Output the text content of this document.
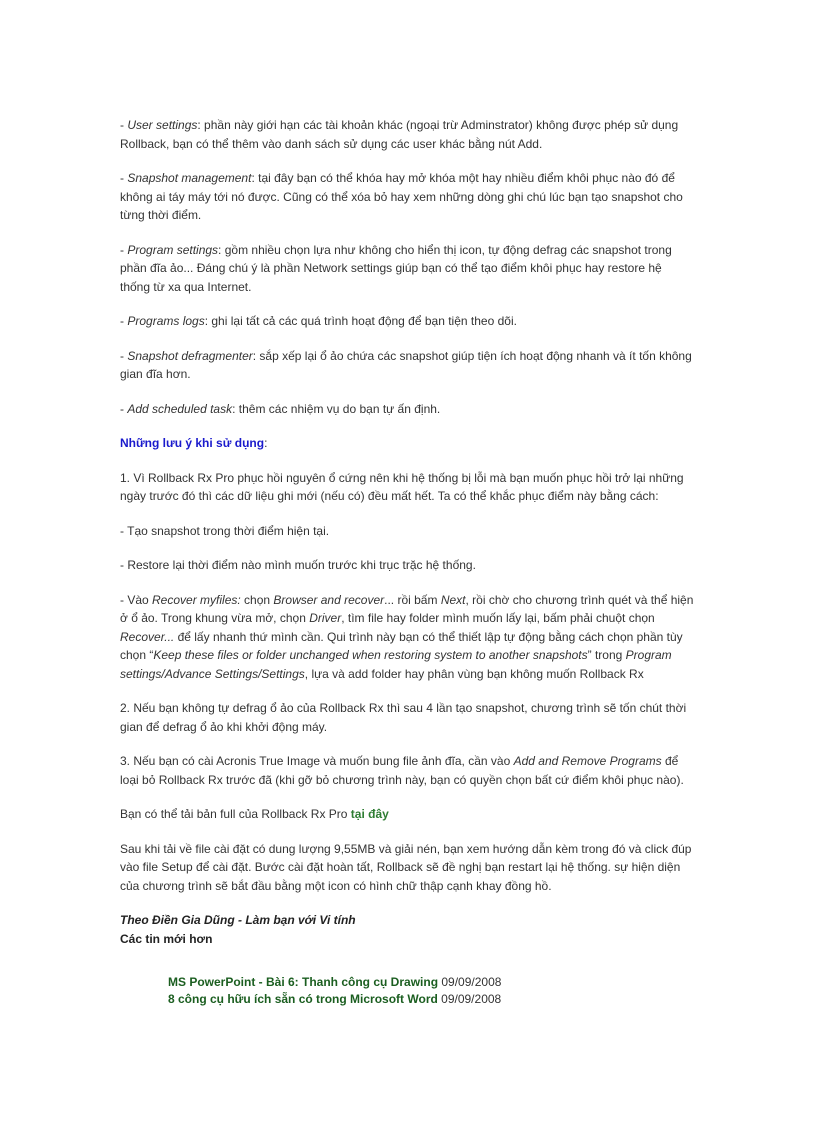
- User settings: phần này giới hạn các tài khoản khác (ngoại trừ Adminstrator) không được phép sử dụng Rollback, bạn có thể thêm vào danh sách sử dụng các user khác bằng nút Add.

- Snapshot management: tại đây bạn có thể khóa hay mở khóa một hay nhiều điểm khôi phục nào đó để không ai táy máy tới nó được. Cũng có thể xóa bỏ hay xem những dòng ghi chú lúc bạn tạo snapshot cho từng thời điểm.

- Program settings: gồm nhiều chọn lựa như không cho hiển thị icon, tự động defrag các snapshot trong phần đĩa ảo... Đáng chú ý là phần Network settings giúp bạn có thể tạo điểm khôi phục hay restore hệ thống từ xa qua Internet.

- Programs logs: ghi lại tất cả các quá trình hoạt động để bạn tiện theo dõi.

- Snapshot defragmenter: sắp xếp lại ổ ảo chứa các snapshot giúp tiện ích hoạt động nhanh và ít tốn không gian đĩa hơn.

- Add scheduled task: thêm các nhiệm vụ do bạn tự ấn định.

Những lưu ý khi sử dụng:

1. Vì Rollback Rx Pro phục hồi nguyên ổ cứng nên khi hệ thống bị lỗi mà bạn muốn phục hồi trở lại những ngày trước đó thì các dữ liệu ghi mới (nếu có) đều mất hết. Ta có thể khắc phục điểm này bằng cách:

- Tạo snapshot trong thời điểm hiện tại.

- Restore lại thời điểm nào mình muốn trước khi trục trặc hệ thống.

- Vào Recover myfiles: chọn Browser and recover... rồi bấm Next, rồi chờ cho chương trình quét và thể hiện ở ổ ảo. Trong khung vừa mở, chọn Driver, tìm file hay folder mình muốn lấy lại, bấm phải chuột chọn Recover... để lấy nhanh thứ mình cần. Qui trình này bạn có thể thiết lập tự động bằng cách chọn phần tùy chọn “Keep these files or folder unchanged when restoring system to another snapshots” trong Program settings/Advance Settings/Settings, lựa và add folder hay phân vùng bạn không muốn Rollback Rx

2. Nếu bạn không tự defrag ổ ảo của Rollback Rx thì sau 4 lần tạo snapshot, chương trình sẽ tốn chút thời gian để defrag ổ ảo khi khởi động máy.

3. Nếu bạn có cài Acronis True Image và muốn bung file ảnh đĩa, cần vào Add and Remove Programs để loại bỏ Rollback Rx trước đã (khi gỡ bỏ chương trình này, bạn có quyền chọn bất cứ điểm khôi phục nào).

Bạn có thể tải bản full của Rollback Rx Pro tại đây

Sau khi tải về file cài đặt có dung lượng 9,55MB và giải nén, bạn xem hướng dẫn kèm trong đó và click đúp vào file Setup để cài đặt. Bước cài đặt hoàn tất, Rollback sẽ đề nghị bạn restart lại hệ thống. sự hiện diện của chương trình sẽ bắt đầu bằng một icon có hình chữ thập cạnh khay đồng hồ.

Theo Điền Gia Dũng - Làm bạn với Vi tính

Các tin mới hơn

MS PowerPoint - Bài 6: Thanh công cụ Drawing 09/09/2008
8 công cụ hữu ích sẵn có trong Microsoft Word 09/09/2008
